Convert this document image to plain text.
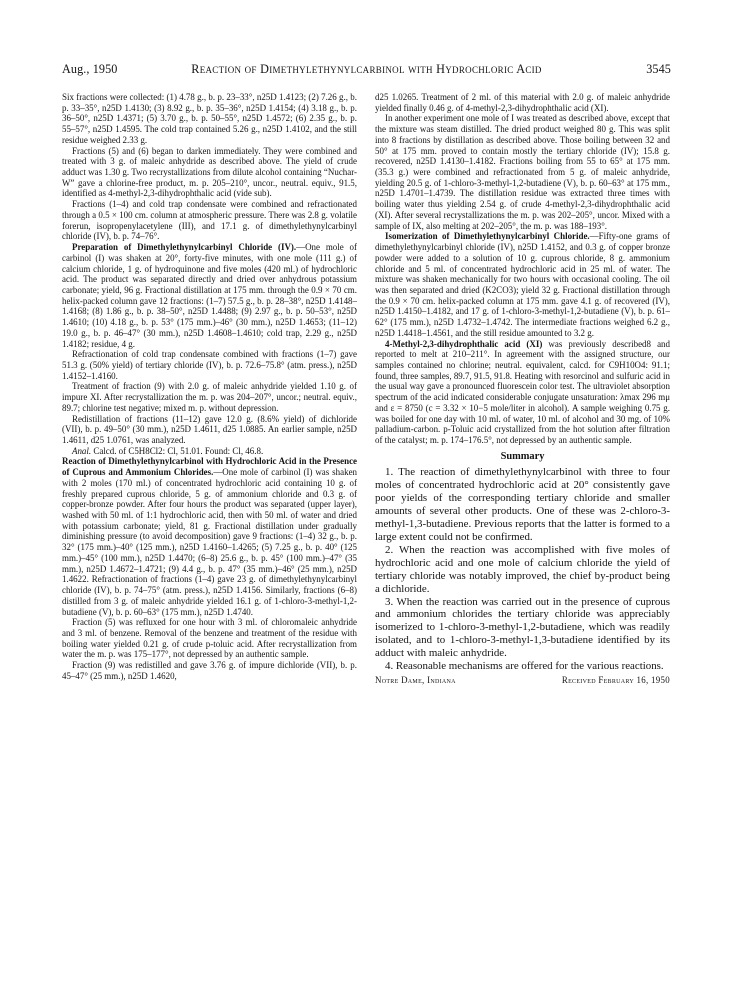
Aug., 1950	Reaction of Dimethylethynylcarbinol with Hydrochloric Acid	3545

Six fractions were collected: (1) 4.78 g., b. p. 23–33°, n25D 1.4123; (2) 7.26 g., b. p. 33–35°, n25D 1.4130; (3) 8.92 g., b. p. 35–36°, n25D 1.4154; (4) 3.18 g., b. p. 36–50°, n25D 1.4371; (5) 3.70 g., b. p. 50–55°, n25D 1.4572; (6) 2.35 g., b. p. 55–57°, n25D 1.4595. The cold trap contained 5.26 g., n25D 1.4102, and the still residue weighed 2.33 g.

Fractions (5) and (6) began to darken immediately. They were combined and treated with 3 g. of maleic anhydride as described above. The yield of crude adduct was 1.30 g. Two recrystallizations from dilute alcohol containing “Nuchar-W” gave a chlorine-free product, m. p. 205–210°, uncor., neutral. equiv., 91.5, identified as 4-methyl-2,3-dihydrophthalic acid (vide sub).

Fractions (1–4) and cold trap condensate were combined and refractionated through a 0.5 × 100 cm. column at atmospheric pressure. There was 2.8 g. volatile forerun, isopropenylacetylene (III), and 17.1 g. of dimethylethynylcarbinyl chloride (IV), b. p. 74–76°.

Preparation of Dimethylethynylcarbinyl Chloride (IV).—One mole of carbinol (I) was shaken at 20°, forty-five minutes, with one mole (111 g.) of calcium chloride, 1 g. of hydroquinone and five moles (420 ml.) of hydrochloric acid. The product was separated directly and dried over anhydrous potassium carbonate; yield, 96 g. Fractional distillation at 175 mm. through the 0.9 × 70 cm. helix-packed column gave 12 fractions: (1–7) 57.5 g., b. p. 28–38°, n25D 1.4148–1.4168; (8) 1.86 g., b. p. 38–50°, n25D 1.4488; (9) 2.97 g., b. p. 50–53°, n25D 1.4610; (10) 4.18 g., b. p. 53° (175 mm.)–46° (30 mm.), n25D 1.4653; (11–12) 19.0 g., b. p. 46–47° (30 mm.), n25D 1.4608–1.4610; cold trap, 2.29 g., n25D 1.4182; residue, 4 g.

Refractionation of cold trap condensate combined with fractions (1–7) gave 51.3 g. (50% yield) of tertiary chloride (IV), b. p. 72.6–75.8° (atm. press.), n25D 1.4152–1.4160.

Treatment of fraction (9) with 2.0 g. of maleic anhydride yielded 1.10 g. of impure XI. After recrystallization the m. p. was 204–207°, uncor.; neutral. equiv., 89.7; chlorine test negative; mixed m. p. without depression.

Redistillation of fractions (11–12) gave 12.0 g. (8.6% yield) of dichloride (VII), b. p. 49–50° (30 mm.), n25D 1.4611, d25 1.0885. An earlier sample, n25D 1.4611, d25 1.0761, was analyzed.

Anal. Calcd. of C5H8Cl2: Cl, 51.01. Found: Cl, 46.8.

Reaction of Dimethylethynylcarbinol with Hydrochloric Acid in the Presence of Cuprous and Ammonium Chlorides.—One mole of carbinol (I) was shaken with 2 moles (170 ml.) of concentrated hydrochloric acid containing 10 g. of freshly prepared cuprous chloride, 5 g. of ammonium chloride and 0.3 g. of copper-bronze powder. After four hours the product was separated (upper layer), washed with 50 ml. of 1:1 hydrochloric acid, then with 50 ml. of water and dried with potassium carbonate; yield, 81 g. Fractional distillation under gradually diminishing pressure (to avoid decomposition) gave 9 fractions: (1–4) 32 g., b. p. 32° (175 mm.)–40° (125 mm.), n25D 1.4160–1.4265; (5) 7.25 g., b. p. 40° (125 mm.)–45° (100 mm.), n25D 1.4470; (6–8) 25.6 g., b. p. 45° (100 mm.)–47° (35 mm.), n25D 1.4672–1.4721; (9) 4.4 g., b. p. 47° (35 mm.)–46° (25 mm.), n25D 1.4622. Refractionation of fractions (1–4) gave 23 g. of dimethylethynylcarbinyl chloride (IV), b. p. 74–75° (atm. press.), n25D 1.4156. Similarly, fractions (6–8) distilled from 3 g. of maleic anhydride yielded 16.1 g. of 1-chloro-3-methyl-1,2-butadiene (V), b. p. 60–63° (175 mm.), n25D 1.4740.

Fraction (5) was refluxed for one hour with 3 ml. of chloromaleic anhydride and 3 ml. of benzene. Removal of the benzene and treatment of the residue with boiling water yielded 0.21 g. of crude p-toluic acid. After recrystallization from water the m. p. was 175–177°, not depressed by an authentic sample.

Fraction (9) was redistilled and gave 3.76 g. of impure dichloride (VII), b. p. 45–47° (25 mm.), n25D 1.4620,

d25 1.0265. Treatment of 2 ml. of this material with 2.0 g. of maleic anhydride yielded finally 0.46 g. of 4-methyl-2,3-dihydrophthalic acid (XI).

In another experiment one mole of I was treated as described above, except that the mixture was steam distilled. The dried product weighed 80 g. This was split into 8 fractions by distillation as described above. Those boiling between 32 and 50° at 175 mm. proved to contain mostly the tertiary chloride (IV); 15.8 g. recovered, n25D 1.4130–1.4182. Fractions boiling from 55 to 65° at 175 mm. (35.3 g.) were combined and refractionated from 5 g. of maleic anhydride, yielding 20.5 g. of 1-chloro-3-methyl-1,2-butadiene (V), b. p. 60–63° at 175 mm., n25D 1.4701–1.4739. The distillation residue was extracted three times with boiling water thus yielding 2.54 g. of crude 4-methyl-2,3-dihydrophthalic acid (XI). After several recrystallizations the m. p. was 202–205°, uncor. Mixed with a sample of IX, also melting at 202–205°, the m. p. was 188–193°.

Isomerization of Dimethylethynylcarbinyl Chloride.—Fifty-one grams of dimethylethynylcarbinyl chloride (IV), n25D 1.4152, and 0.3 g. of copper bronze powder were added to a solution of 10 g. cuprous chloride, 8 g. ammonium chloride and 5 ml. of concentrated hydrochloric acid in 25 ml. of water. The mixture was shaken mechanically for two hours with occasional cooling. The oil was then separated and dried (K2CO3); yield 32 g. Fractional distillation through the 0.9 × 70 cm. helix-packed column at 175 mm. gave 4.1 g. of recovered (IV), n25D 1.4150–1.4182, and 17 g. of 1-chloro-3-methyl-1,2-butadiene (V), b. p. 61–62° (175 mm.), n25D 1.4732–1.4742. The intermediate fractions weighed 6.2 g., n25D 1.4418–1.4561, and the still residue amounted to 3.2 g.

4-Methyl-2,3-dihydrophthalic acid (XI) was previously described8 and reported to melt at 210–211°. In agreement with the assigned structure, our samples contained no chlorine; neutral. equivalent, calcd. for C9H10O4: 91.1; found, three samples, 89.7, 91.5, 91.8. Heating with resorcinol and sulfuric acid in the usual way gave a pronounced fluorescein color test. The ultraviolet absorption spectrum of the acid indicated considerable conjugate unsaturation: λmax 296 mμ and ε = 8750 (c = 3.32 × 10−5 mole/liter in alcohol). A sample weighing 0.75 g. was boiled for one day with 10 ml. of water, 10 ml. of alcohol and 30 mg. of 10% palladium-carbon. p-Toluic acid crystallized from the hot solution after filtration of the catalyst; m. p. 174–176.5°, not depressed by an authentic sample.

Summary

1. The reaction of dimethylethynylcarbinol with three to four moles of concentrated hydrochloric acid at 20° consistently gave poor yields of the corresponding tertiary chloride and smaller amounts of several other products. One of these was 2-chloro-3-methyl-1,3-butadiene. Previous reports that the latter is formed to a large extent could not be confirmed.

2. When the reaction was accomplished with five moles of hydrochloric acid and one mole of calcium chloride the yield of tertiary chloride was notably improved, the chief by-product being a dichloride.

3. When the reaction was carried out in the presence of cuprous and ammonium chlorides the tertiary chloride was appreciably isomerized to 1-chloro-3-methyl-1,2-butadiene, which was readily isolated, and to 1-chloro-3-methyl-1,3-butadiene identified by its adduct with maleic anhydride.

4. Reasonable mechanisms are offered for the various reactions.

Notre Dame, Indiana	Received February 16, 1950
